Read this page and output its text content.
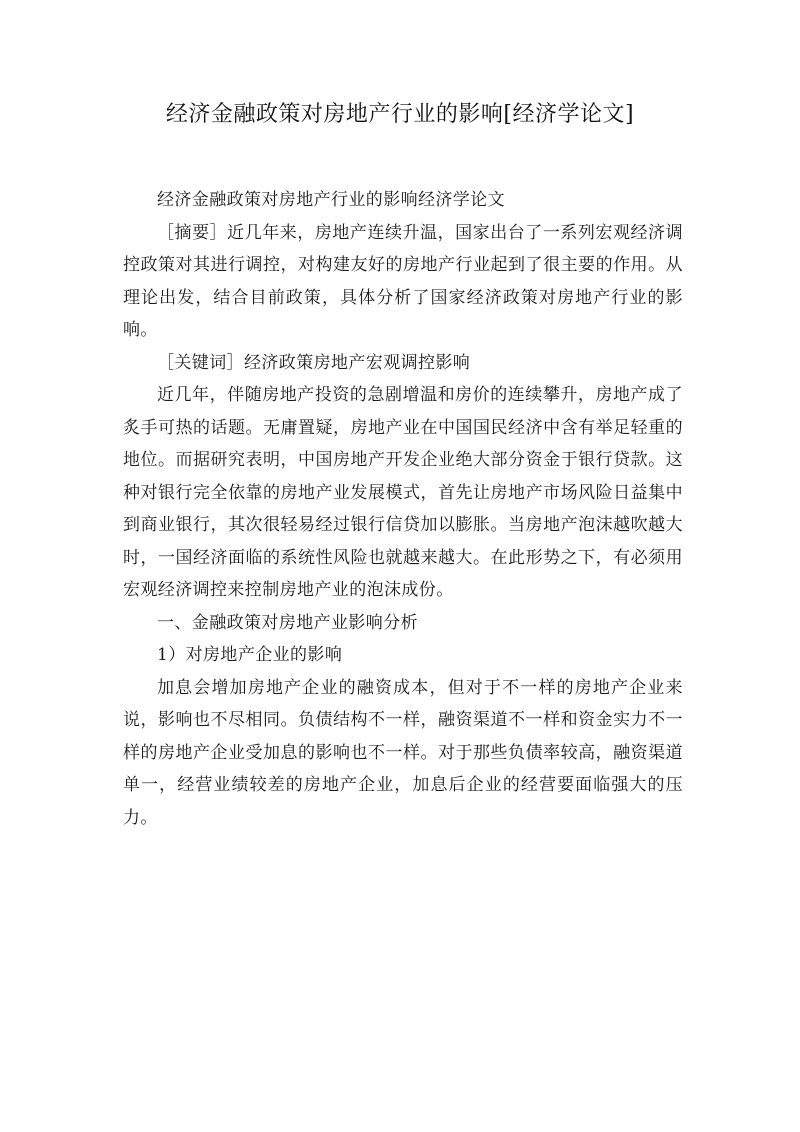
经济金融政策对房地产行业的影响[经济学论文]

经济金融政策对房地产行业的影响经济学论文

［摘要］近几年来，房地产连续升温，国家出台了一系列宏观经济调控政策对其进行调控，对构建友好的房地产行业起到了很主要的作用。从理论出发，结合目前政策，具体分析了国家经济政策对房地产行业的影响。

［关键词］经济政策房地产宏观调控影响

近几年，伴随房地产投资的急剧增温和房价的连续攀升，房地产成了炙手可热的话题。无庸置疑，房地产业在中国国民经济中含有举足轻重的地位。而据研究表明，中国房地产开发企业绝大部分资金于银行贷款。这种对银行完全依靠的房地产业发展模式，首先让房地产市场风险日益集中到商业银行，其次很轻易经过银行信贷加以膨胀。当房地产泡沫越吹越大时，一国经济面临的系统性风险也就越来越大。在此形势之下，有必须用宏观经济调控来控制房地产业的泡沫成份。

一、金融政策对房地产业影响分析

1）对房地产企业的影响

加息会增加房地产企业的融资成本，但对于不一样的房地产企业来说，影响也不尽相同。负债结构不一样，融资渠道不一样和资金实力不一样的房地产企业受加息的影响也不一样。对于那些负债率较高，融资渠道单一，经营业绩较差的房地产企业，加息后企业的经营要面临强大的压力。
